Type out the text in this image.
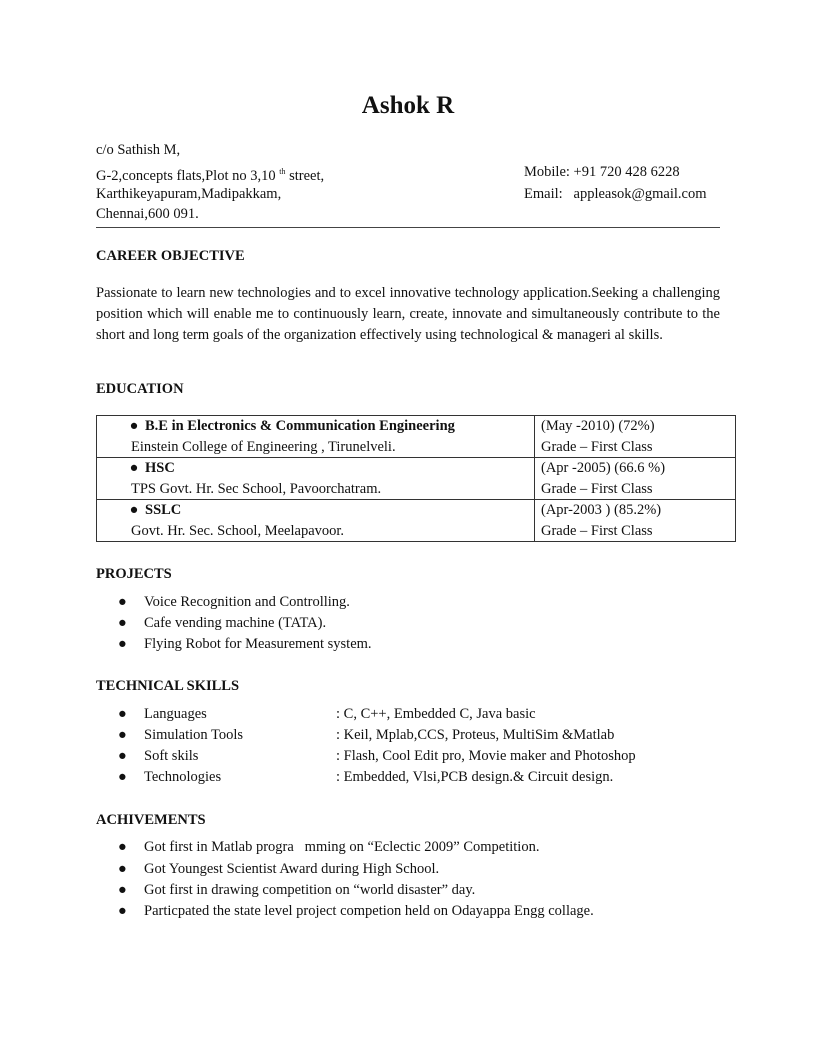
Ashok R
c/o Sathish M,
G-2,concepts flats,Plot no 3,10 $^{th}$ street,
Karthikeyapuram,Madipakkam,
Chennai,600 091.
Mobile: +91 720 428 6228
Email:   appleasok@gmail.com
CAREER OBJECTIVE
Passionate to learn new technologies and to excel innovative technology application.Seeking a challenging position which will enable me to continuously learn, create, innovate and simultaneously contribute to the short and long term goals of the organization effectively using technological & manageri al skills.
EDUCATION
● B.E in Electronics & Communication Engineering
Einstein College of Engineering , Tirunelveli.	(May -2010) (72%)
Grade – First Class
● HSC
TPS Govt. Hr. Sec School, Pavoorchatram.	(Apr -2005) (66.6 %)
Grade – First Class
● SSLC
Govt. Hr. Sec. School, Meelapavoor.	(Apr-2003 ) (85.2%)
Grade – First Class
PROJECTS
● Voice Recognition and Controlling.
● Cafe vending machine (TATA).
● Flying Robot for Measurement system.
TECHNICAL SKILLS
● Languages	: C, C++, Embedded C, Java basic
● Simulation Tools	: Keil, Mplab,CCS, Proteus, MultiSim &Matlab
● Soft skils	: Flash, Cool Edit pro, Movie maker and Photoshop
● Technologies	: Embedded, Vlsi,PCB design.& Circuit design.
ACHIVEMENTS
● Got first in Matlab progra   mming on “Eclectic 2009” Competition.
● Got Youngest Scientist Award during High School.
● Got first in drawing competition on “world disaster” day.
● Particpated the state level project competion held on Odayappa Engg collage.
